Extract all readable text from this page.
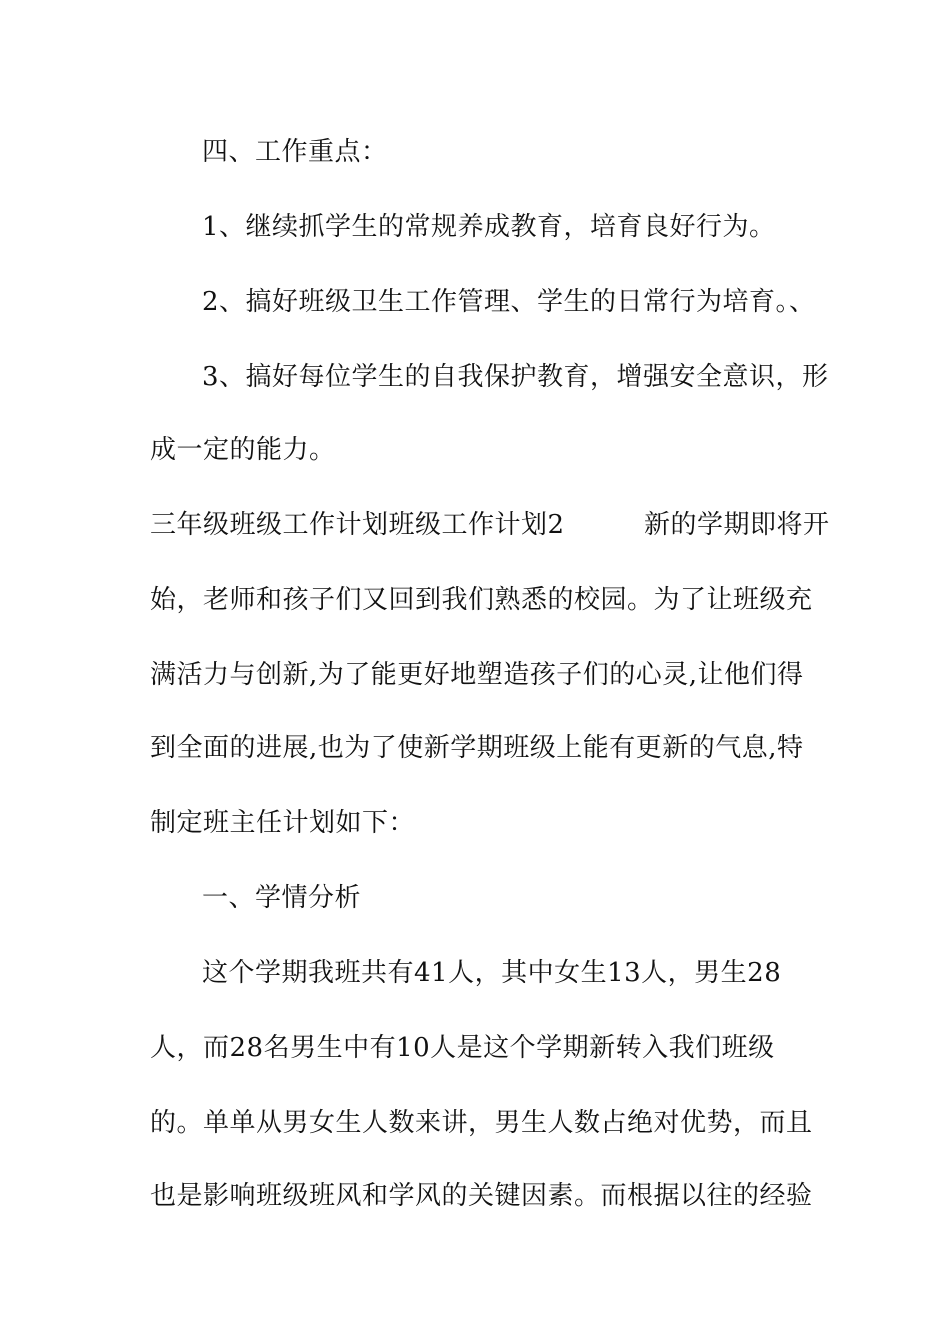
四、工作重点：
1、继续抓学生的常规养成教育，培育良好行为。
2、搞好班级卫生工作管理、学生的日常行为培育。、
3、搞好每位学生的自我保护教育，增强安全意识，形
成一定的能力。
三年级班级工作计划班级工作计划2　　　新的学期即将开
始，老师和孩子们又回到我们熟悉的校园。为了让班级充
满活力与创新,为了能更好地塑造孩子们的心灵,让他们得
到全面的进展,也为了使新学期班级上能有更新的气息,特
制定班主任计划如下：
一、学情分析
这个学期我班共有41人，其中女生13人，男生28
人，而28名男生中有10人是这个学期新转入我们班级
的。单单从男女生人数来讲，男生人数占绝对优势，而且
也是影响班级班风和学风的关键因素。而根据以往的经验
